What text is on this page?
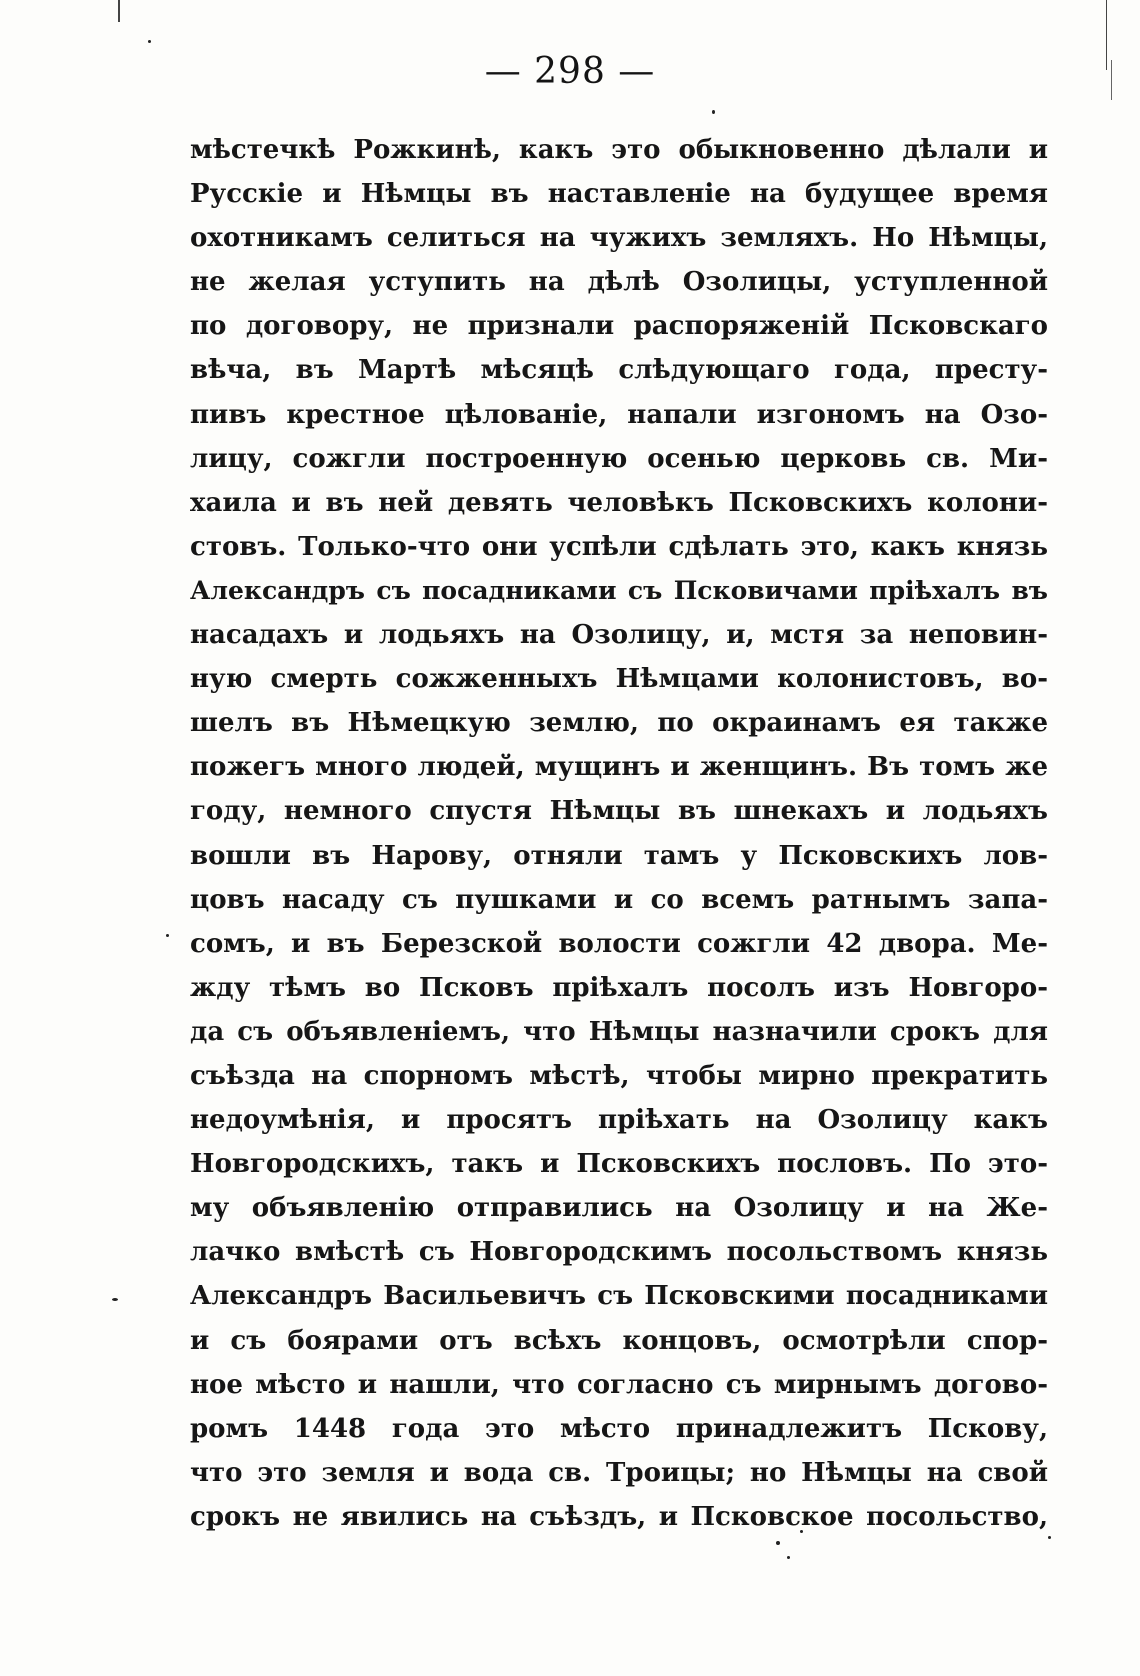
— 298 —
мѣстечкѣ Рожкинѣ, какъ это обыкновенно дѣлали и
Русскіе и Нѣмцы въ наставленіе на будущее время
охотникамъ селиться на чужихъ земляхъ. Но Нѣмцы,
не желая уступить на дѣлѣ Озолицы, уступленной
по договору, не признали распоряженій Псковскаго
вѣча, въ Мартѣ мѣсяцѣ слѣдующаго года, престу-
пивъ крестное цѣлованіе, напали изгономъ на Озо-
лицу, сожгли построенную осенью церковь св. Ми-
хаила и въ ней девять человѣкъ Псковскихъ колони-
стовъ. Только-что они успѣли сдѣлать это, какъ князь
Александръ съ посадниками съ Псковичами пріѣхалъ въ
насадахъ и лодьяхъ на Озолицу, и, мстя за неповин-
ную смерть сожженныхъ Нѣмцами колонистовъ, во-
шелъ въ Нѣмецкую землю, по окраинамъ ея также
пожегъ много людей, мущинъ и женщинъ. Въ томъ же
году, немного спустя Нѣмцы въ шнекахъ и лодьяхъ
вошли въ Нарову, отняли тамъ у Псковскихъ лов-
цовъ насаду съ пушками и со всемъ ратнымъ запа-
сомъ, и въ Березской волости сожгли 42 двора. Ме-
жду тѣмъ во Псковъ пріѣхалъ посолъ изъ Новгоро-
да съ объявленіемъ, что Нѣмцы назначили срокъ для
съѣзда на спорномъ мѣстѣ, чтобы мирно прекратить
недоумѣнія, и просятъ пріѣхать на Озолицу какъ
Новгородскихъ, такъ и Псковскихъ пословъ. По это-
му объявленію отправились на Озолицу и на Же-
лачко вмѣстѣ съ Новгородскимъ посольствомъ князь
Александръ Васильевичъ съ Псковскими посадниками
и съ боярами отъ всѣхъ концовъ, осмотрѣли спор-
ное мѣсто и нашли, что согласно съ мирнымъ догово-
ромъ 1448 года это мѣсто принадлежитъ Пскову,
что это земля и вода св. Троицы; но Нѣмцы на свой
срокъ не явились на съѣздъ, и Псковское посольство,
